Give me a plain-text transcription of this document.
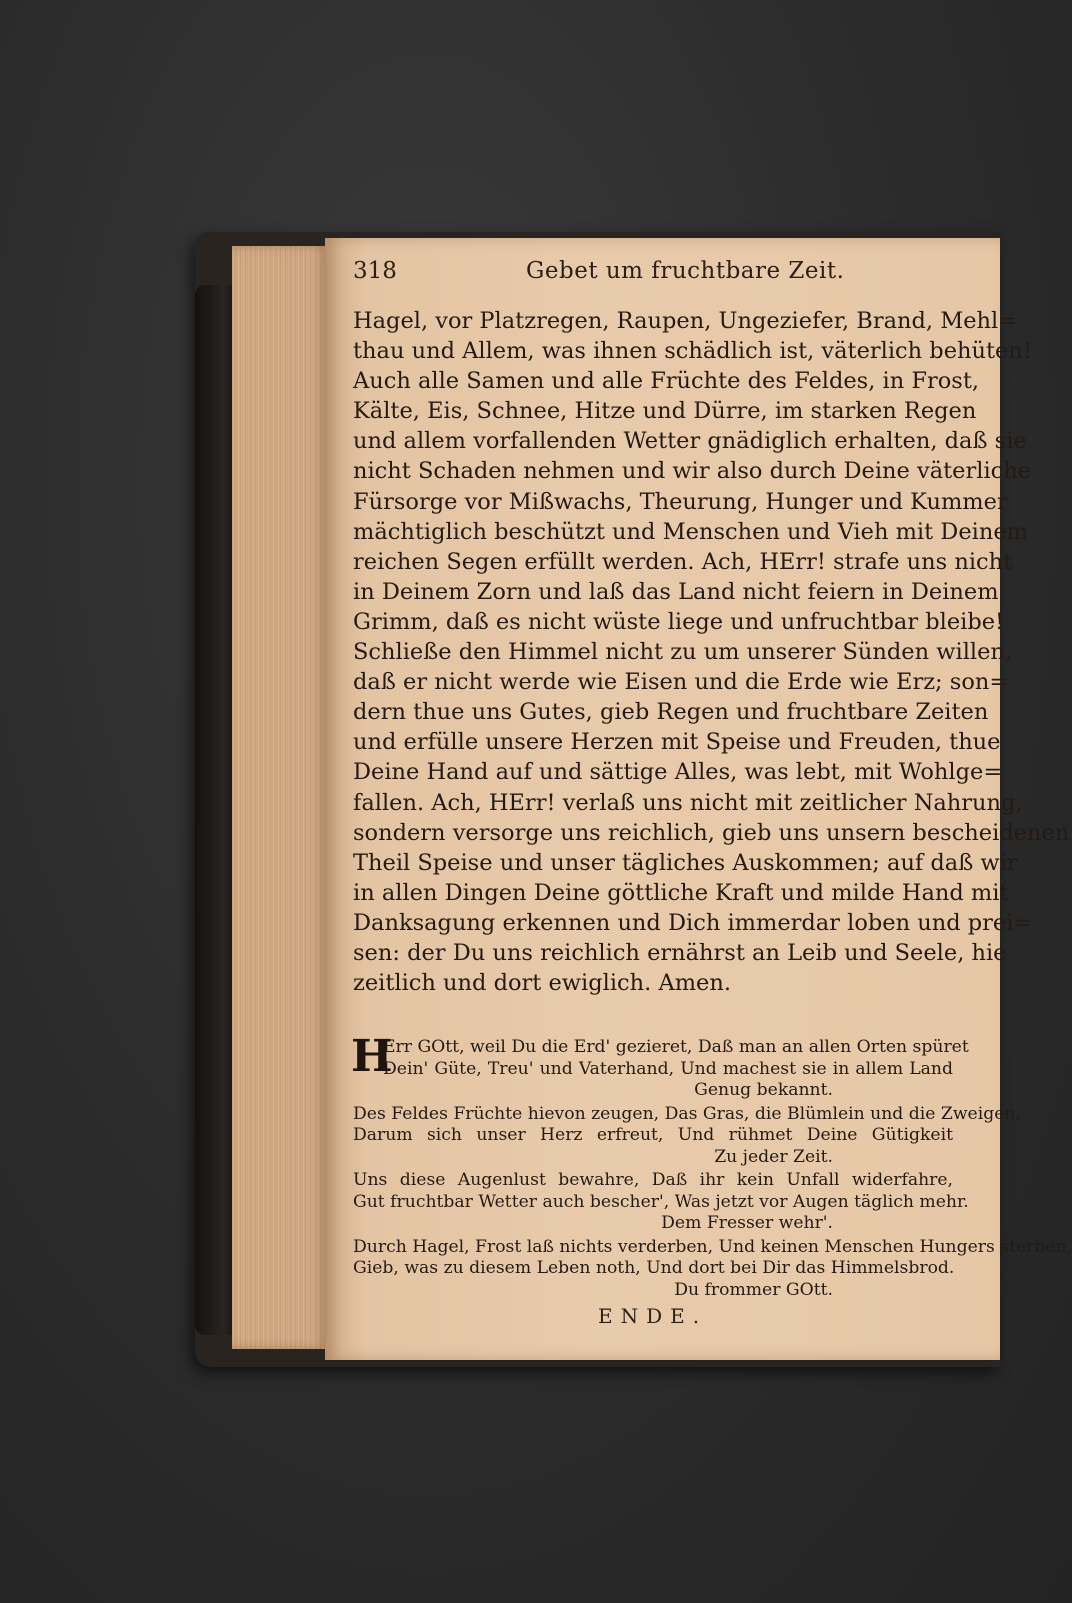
318	Gebet um fruchtbare Zeit.
Hagel, vor Platzregen, Raupen, Ungeziefer, Brand, Mehl=
thau und Allem, was ihnen schädlich ist, väterlich behüten!
Auch alle Samen und alle Früchte des Feldes, in Frost,
Kälte, Eis, Schnee, Hitze und Dürre, im starken Regen
und allem vorfallenden Wetter gnädiglich erhalten, daß sie
nicht Schaden nehmen und wir also durch Deine väterliche
Fürsorge vor Mißwachs, Theurung, Hunger und Kummer
mächtiglich beschützt und Menschen und Vieh mit Deinem
reichen Segen erfüllt werden. Ach, HErr! strafe uns nicht
in Deinem Zorn und laß das Land nicht feiern in Deinem
Grimm, daß es nicht wüste liege und unfruchtbar bleibe!
Schließe den Himmel nicht zu um unserer Sünden willen,
daß er nicht werde wie Eisen und die Erde wie Erz; son=
dern thue uns Gutes, gieb Regen und fruchtbare Zeiten
und erfülle unsere Herzen mit Speise und Freuden, thue
Deine Hand auf und sättige Alles, was lebt, mit Wohlge=
fallen. Ach, HErr! verlaß uns nicht mit zeitlicher Nahrung,
sondern versorge uns reichlich, gieb uns unsern bescheidenen
Theil Speise und unser tägliches Auskommen; auf daß wir
in allen Dingen Deine göttliche Kraft und milde Hand mit
Danksagung erkennen und Dich immerdar loben und prei=
sen: der Du uns reichlich ernährst an Leib und Seele, hie
zeitlich und dort ewiglich. Amen.
H
Err GOtt, weil Du die Erd' gezieret, Daß man an allen Orten spüret
Dein' Güte, Treu' und Vaterhand, Und machest sie in allem Land
Genug bekannt.
Des Feldes Früchte hievon zeugen, Das Gras, die Blümlein und die Zweigen,
Darum sich unser Herz erfreut, Und rühmet Deine Gütigkeit
Zu jeder Zeit.
Uns diese Augenlust bewahre, Daß ihr kein Unfall widerfahre,
Gut fruchtbar Wetter auch bescher', Was jetzt vor Augen täglich mehr.
Dem Fresser wehr'.
Durch Hagel, Frost laß nichts verderben, Und keinen Menschen Hungers sterben,
Gieb, was zu diesem Leben noth, Und dort bei Dir das Himmelsbrod.
Du frommer GOtt.
ENDE.
